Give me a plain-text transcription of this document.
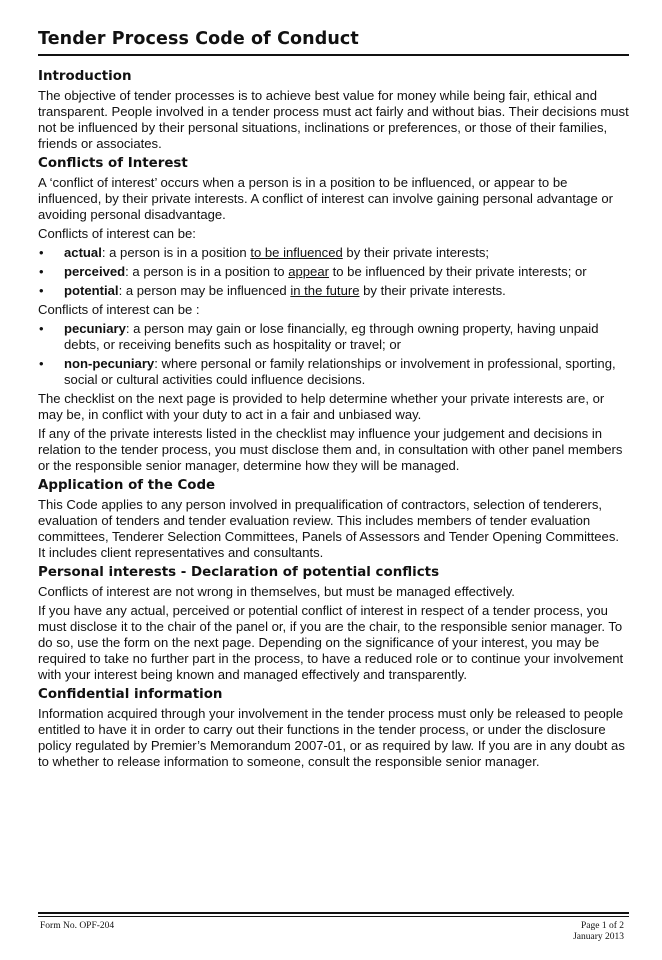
Tender Process Code of Conduct
Introduction

The objective of tender processes is to achieve best value for money while being fair, ethical and transparent. People involved in a tender process must act fairly and without bias. Their decisions must not be influenced by their personal situations, inclinations or preferences, or those of their families, friends or associates.

Conflicts of Interest

A ‘conflict of interest’ occurs when a person is in a position to be influenced, or appear to be influenced, by their private interests. A conflict of interest can involve gaining personal advantage or avoiding personal disadvantage.

Conflicts of interest can be:

• actual: a person is in a position to be influenced by their private interests;
• perceived: a person is in a position to appear to be influenced by their private interests; or
• potential: a person may be influenced in the future by their private interests.

Conflicts of interest can be :

• pecuniary: a person may gain or lose financially, eg through owning property, having unpaid debts, or receiving benefits such as hospitality or travel; or
• non-pecuniary: where personal or family relationships or involvement in professional, sporting, social or cultural activities could influence decisions.

The checklist on the next page is provided to help determine whether your private interests are, or may be, in conflict with your duty to act in a fair and unbiased way.

If any of the private interests listed in the checklist may influence your judgement and decisions in relation to the tender process, you must disclose them and, in consultation with other panel members or the responsible senior manager, determine how they will be managed.

Application of the Code

This Code applies to any person involved in prequalification of contractors, selection of tenderers, evaluation of tenders and tender evaluation review. This includes members of tender evaluation committees, Tenderer Selection Committees, Panels of Assessors and Tender Opening Committees. It includes client representatives and consultants.

Personal interests - Declaration of potential conflicts

Conflicts of interest are not wrong in themselves, but must be managed effectively.

If you have any actual, perceived or potential conflict of interest in respect of a tender process, you must disclose it to the chair of the panel or, if you are the chair, to the responsible senior manager. To do so, use the form on the next page. Depending on the significance of your interest, you may be required to take no further part in the process, to have a reduced role or to continue your involvement with your interest being known and managed effectively and transparently.

Confidential information

Information acquired through your involvement in the tender process must only be released to people entitled to have it in order to carry out their functions in the tender process, or under the disclosure policy regulated by Premier’s Memorandum 2007-01, or as required by law. If you are in any doubt as to whether to release information to someone, consult the responsible senior manager.

Form No. OPF-204	Page 1 of 2
January 2013
